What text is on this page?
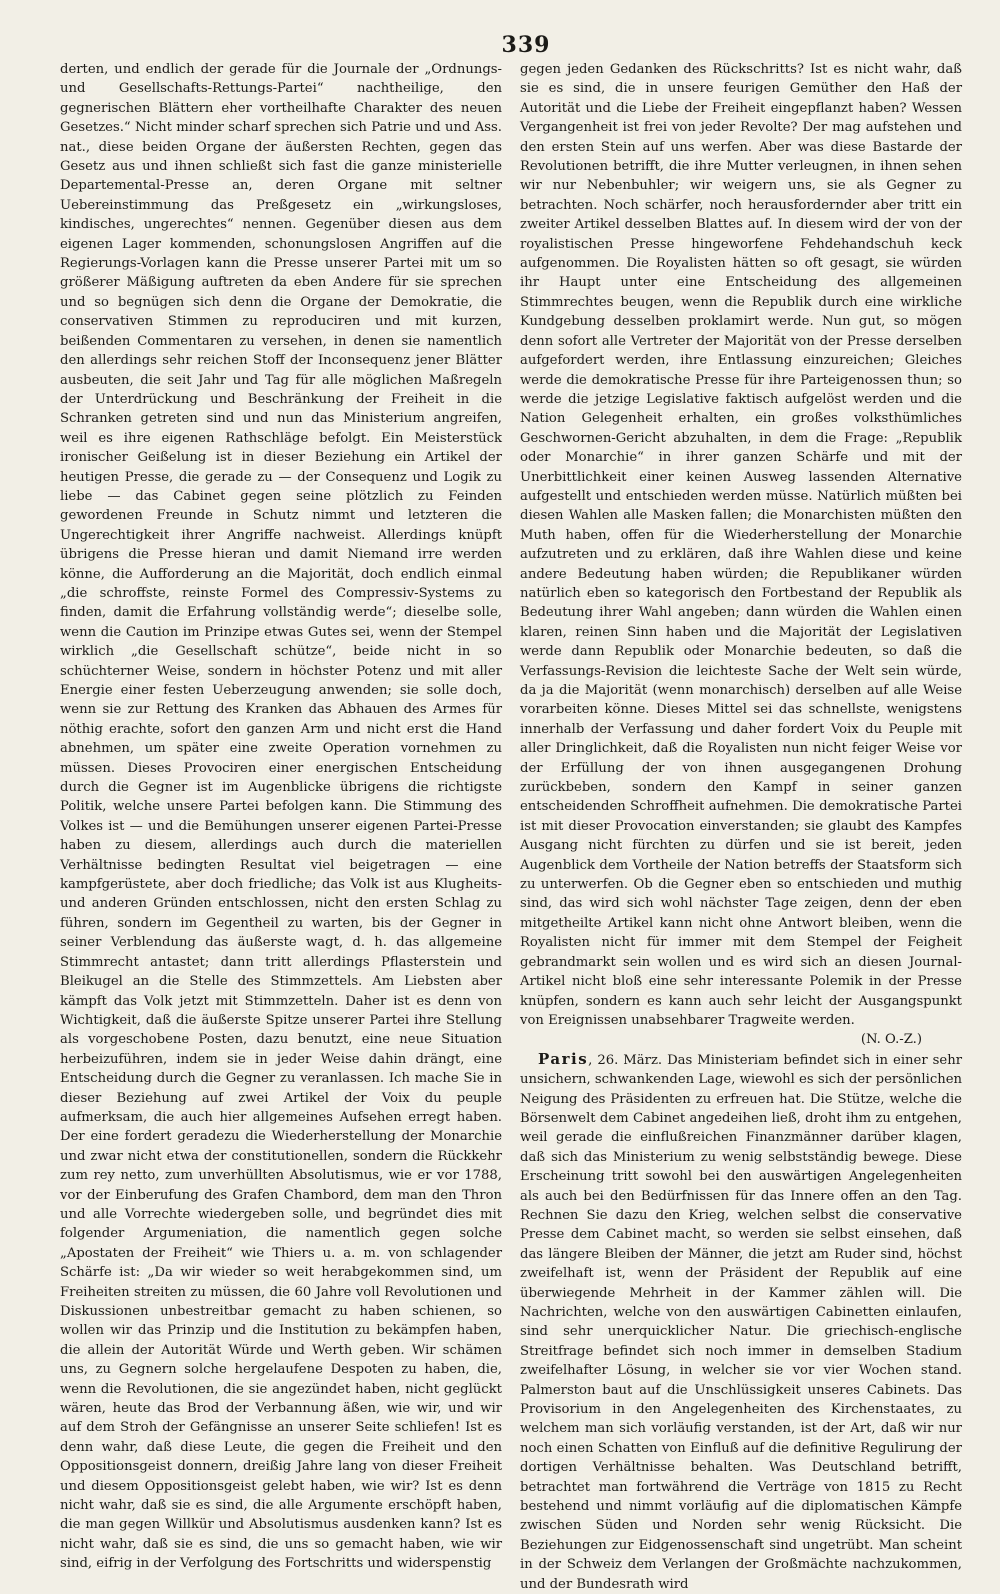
339

derten, und endlich der gerade für die Journale der „Ordnungs- und Gesellschafts-Rettungs-Partei“ nachtheilige, den gegnerischen Blättern eher vortheilhafte Charakter des neuen Gesetzes.“ Nicht minder scharf sprechen sich Patrie und und Ass. nat., diese beiden Organe der äußersten Rechten, gegen das Gesetz aus und ihnen schließt sich fast die ganze ministerielle Departemental-Presse an, deren Organe mit seltner Uebereinstimmung das Preßgesetz ein „wirkungsloses, kindisches, ungerechtes“ nennen. Gegenüber diesen aus dem eigenen Lager kommenden, schonungslosen Angriffen auf die Regierungs-Vorlagen kann die Presse unserer Partei mit um so größerer Mäßigung auftreten da eben Andere für sie sprechen und so begnügen sich denn die Organe der Demokratie, die conservativen Stimmen zu reproduciren und mit kurzen, beißenden Commentaren zu versehen, in denen sie namentlich den allerdings sehr reichen Stoff der Inconsequenz jener Blätter ausbeuten, die seit Jahr und Tag für alle möglichen Maßregeln der Unterdrückung und Beschränkung der Freiheit in die Schranken getreten sind und nun das Ministerium angreifen, weil es ihre eigenen Rathschläge befolgt. Ein Meisterstück ironischer Geißelung ist in dieser Beziehung ein Artikel der heutigen Presse, die gerade zu — der Consequenz und Logik zu liebe — das Cabinet gegen seine plötzlich zu Feinden gewordenen Freunde in Schutz nimmt und letzteren die Ungerechtigkeit ihrer Angriffe nachweist. Allerdings knüpft übrigens die Presse hieran und damit Niemand irre werden könne, die Aufforderung an die Majorität, doch endlich einmal „die schroffste, reinste Formel des Compressiv-Systems zu finden, damit die Erfahrung vollständig werde“; dieselbe solle, wenn die Caution im Prinzipe etwas Gutes sei, wenn der Stempel wirklich „die Gesellschaft schütze“, beide nicht in so schüchterner Weise, sondern in höchster Potenz und mit aller Energie einer festen Ueberzeugung anwenden; sie solle doch, wenn sie zur Rettung des Kranken das Abhauen des Armes für nöthig erachte, sofort den ganzen Arm und nicht erst die Hand abnehmen, um später eine zweite Operation vornehmen zu müssen. Dieses Provociren einer energischen Entscheidung durch die Gegner ist im Augenblicke übrigens die richtigste Politik, welche unsere Partei befolgen kann. Die Stimmung des Volkes ist — und die Bemühungen unserer eigenen Partei-Presse haben zu diesem, allerdings auch durch die materiellen Verhältnisse bedingten Resultat viel beigetragen — eine kampfgerüstete, aber doch friedliche; das Volk ist aus Klugheits- und anderen Gründen entschlossen, nicht den ersten Schlag zu führen, sondern im Gegentheil zu warten, bis der Gegner in seiner Verblendung das äußerste wagt, d. h. das allgemeine Stimmrecht antastet; dann tritt allerdings Pflasterstein und Bleikugel an die Stelle des Stimmzettels. Am Liebsten aber kämpft das Volk jetzt mit Stimmzetteln. Daher ist es denn von Wichtigkeit, daß die äußerste Spitze unserer Partei ihre Stellung als vorgeschobene Posten, dazu benutzt, eine neue Situation herbeizuführen, indem sie in jeder Weise dahin drängt, eine Entscheidung durch die Gegner zu veranlassen. Ich mache Sie in dieser Beziehung auf zwei Artikel der Voix du peuple aufmerksam, die auch hier allgemeines Aufsehen erregt haben. Der eine fordert geradezu die Wiederherstellung der Monarchie und zwar nicht etwa der constitutionellen, sondern die Rückkehr zum rey netto, zum unverhüllten Absolutismus, wie er vor 1788, vor der Einberufung des Grafen Chambord, dem man den Thron und alle Vorrechte wiedergeben solle, und begründet dies mit folgender Argumeniation, die namentlich gegen solche „Apostaten der Freiheit“ wie Thiers u. a. m. von schlagender Schärfe ist: „Da wir wieder so weit herabgekommen sind, um Freiheiten streiten zu müssen, die 60 Jahre voll Revolutionen und Diskussionen unbestreitbar gemacht zu haben schienen, so wollen wir das Prinzip und die Institution zu bekämpfen haben, die allein der Autorität Würde und Werth geben. Wir schämen uns, zu Gegnern solche hergelaufene Despoten zu haben, die, wenn die Revolutionen, die sie angezündet haben, nicht geglückt wären, heute das Brod der Verbannung äßen, wie wir, und wir auf dem Stroh der Gefängnisse an unserer Seite schliefen! Ist es denn wahr, daß diese Leute, die gegen die Freiheit und den Oppositionsgeist donnern, dreißig Jahre lang von dieser Freiheit und diesem Oppositionsgeist gelebt haben, wie wir? Ist es denn nicht wahr, daß sie es sind, die alle Argumente erschöpft haben, die man gegen Willkür und Absolutismus ausdenken kann? Ist es nicht wahr, daß sie es sind, die uns so gemacht haben, wie wir sind, eifrig in der Verfolgung des Fortschritts und widerspenstig

gegen jeden Gedanken des Rückschritts? Ist es nicht wahr, daß sie es sind, die in unsere feurigen Gemüther den Haß der Autorität und die Liebe der Freiheit eingepflanzt haben? Wessen Vergangenheit ist frei von jeder Revolte? Der mag aufstehen und den ersten Stein auf uns werfen. Aber was diese Bastarde der Revolutionen betrifft, die ihre Mutter verleugnen, in ihnen sehen wir nur Nebenbuhler; wir weigern uns, sie als Gegner zu betrachten. Noch schärfer, noch herausfordernder aber tritt ein zweiter Artikel desselben Blattes auf. In diesem wird der von der royalistischen Presse hingeworfene Fehdehandschuh keck aufgenommen. Die Royalisten hätten so oft gesagt, sie würden ihr Haupt unter eine Entscheidung des allgemeinen Stimmrechtes beugen, wenn die Republik durch eine wirkliche Kundgebung desselben proklamirt werde. Nun gut, so mögen denn sofort alle Vertreter der Majorität von der Presse derselben aufgefordert werden, ihre Entlassung einzureichen; Gleiches werde die demokratische Presse für ihre Parteigenossen thun; so werde die jetzige Legislative faktisch aufgelöst werden und die Nation Gelegenheit erhalten, ein großes volksthümliches Geschwornen-Gericht abzuhalten, in dem die Frage: „Republik oder Monarchie“ in ihrer ganzen Schärfe und mit der Unerbittlichkeit einer keinen Ausweg lassenden Alternative aufgestellt und entschieden werden müsse. Natürlich müßten bei diesen Wahlen alle Masken fallen; die Monarchisten müßten den Muth haben, offen für die Wiederherstellung der Monarchie aufzutreten und zu erklären, daß ihre Wahlen diese und keine andere Bedeutung haben würden; die Republikaner würden natürlich eben so kategorisch den Fortbestand der Republik als Bedeutung ihrer Wahl angeben; dann würden die Wahlen einen klaren, reinen Sinn haben und die Majorität der Legislativen werde dann Republik oder Monarchie bedeuten, so daß die Verfassungs-Revision die leichteste Sache der Welt sein würde, da ja die Majorität (wenn monarchisch) derselben auf alle Weise vorarbeiten könne. Dieses Mittel sei das schnellste, wenigstens innerhalb der Verfassung und daher fordert Voix du Peuple mit aller Dringlichkeit, daß die Royalisten nun nicht feiger Weise vor der Erfüllung der von ihnen ausgegangenen Drohung zurückbeben, sondern den Kampf in seiner ganzen entscheidenden Schroffheit aufnehmen. Die demokratische Partei ist mit dieser Provocation einverstanden; sie glaubt des Kampfes Ausgang nicht fürchten zu dürfen und sie ist bereit, jeden Augenblick dem Vortheile der Nation betreffs der Staatsform sich zu unterwerfen. Ob die Gegner eben so entschieden und muthig sind, das wird sich wohl nächster Tage zeigen, denn der eben mitgetheilte Artikel kann nicht ohne Antwort bleiben, wenn die Royalisten nicht für immer mit dem Stempel der Feigheit gebrandmarkt sein wollen und es wird sich an diesen Journal-Artikel nicht bloß eine sehr interessante Polemik in der Presse knüpfen, sondern es kann auch sehr leicht der Ausgangspunkt von Ereignissen unabsehbarer Tragweite werden.

(N. O.-Z.)

Paris, 26. März. Das Ministeriam befindet sich in einer sehr unsichern, schwankenden Lage, wiewohl es sich der persönlichen Neigung des Präsidenten zu erfreuen hat. Die Stütze, welche die Börsenwelt dem Cabinet angedeihen ließ, droht ihm zu entgehen, weil gerade die einflußreichen Finanzmänner darüber klagen, daß sich das Ministerium zu wenig selbstständig bewege. Diese Erscheinung tritt sowohl bei den auswärtigen Angelegenheiten als auch bei den Bedürfnissen für das Innere offen an den Tag. Rechnen Sie dazu den Krieg, welchen selbst die conservative Presse dem Cabinet macht, so werden sie selbst einsehen, daß das längere Bleiben der Männer, die jetzt am Ruder sind, höchst zweifelhaft ist, wenn der Präsident der Republik auf eine überwiegende Mehrheit in der Kammer zählen will. Die Nachrichten, welche von den auswärtigen Cabinetten einlaufen, sind sehr unerquicklicher Natur. Die griechisch-englische Streitfrage befindet sich noch immer in demselben Stadium zweifelhafter Lösung, in welcher sie vor vier Wochen stand. Palmerston baut auf die Unschlüssigkeit unseres Cabinets. Das Provisorium in den Angelegenheiten des Kirchenstaates, zu welchem man sich vorläufig verstanden, ist der Art, daß wir nur noch einen Schatten von Einfluß auf die definitive Regulirung der dortigen Verhältnisse behalten. Was Deutschland betrifft, betrachtet man fortwährend die Verträge von 1815 zu Recht bestehend und nimmt vorläufig auf die diplomatischen Kämpfe zwischen Süden und Norden sehr wenig Rücksicht. Die Beziehungen zur Eidgenossenschaft sind ungetrübt. Man scheint in der Schweiz dem Verlangen der Großmächte nachzukommen, und der Bundesrath wird
